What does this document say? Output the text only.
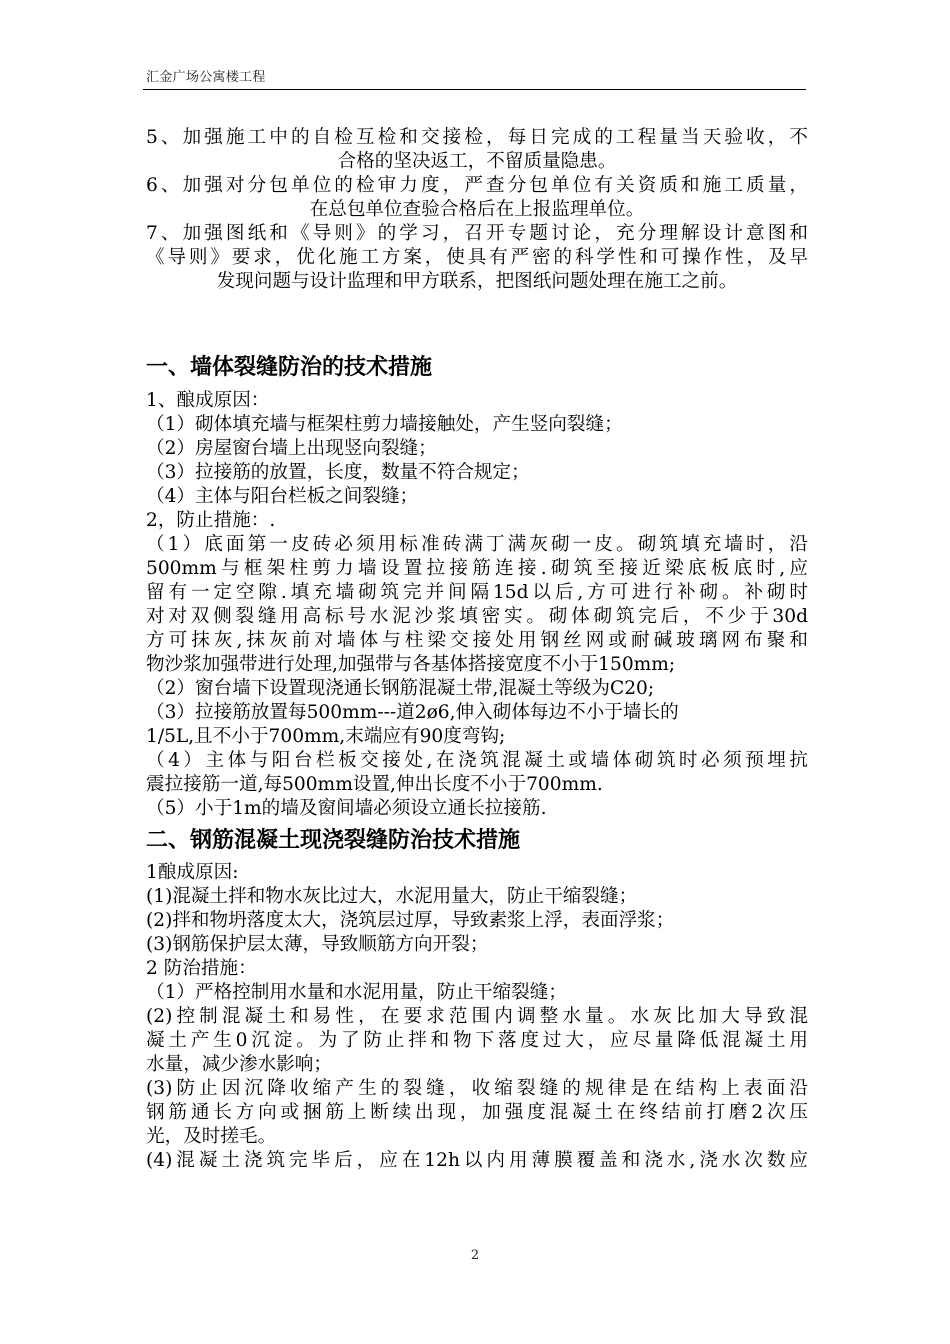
汇金广场公寓楼工程

5、加强施工中的自检互检和交接检，每日完成的工程量当天验收，不

合格的坚决返工，不留质量隐患。

6、加强对分包单位的检审力度，严查分包单位有关资质和施工质量，

在总包单位查验合格后在上报监理单位。

7、加强图纸和《导则》的学习，召开专题讨论，充分理解设计意图和

《导则》要求，优化施工方案，使具有严密的科学性和可操作性，及早

发现问题与设计监理和甲方联系，把图纸问题处理在施工之前。

一、墙体裂缝防治的技术措施

1、酿成原因：

（1）砌体填充墙与框架柱剪力墙接触处，产生竖向裂缝；

（2）房屋窗台墙上出现竖向裂缝；

（3）拉接筋的放置，长度，数量不符合规定；

（4）主体与阳台栏板之间裂缝；

2，防止措施：.

（1）底面第一皮砖必须用标准砖满丁满灰砌一皮。砌筑填充墙时，沿

500mm与框架柱剪力墙设置拉接筋连接.砌筑至接近梁底板底时,应

留有一定空隙.填充墙砌筑完并间隔15d以后,方可进行补砌。补砌时

对对双侧裂缝用高标号水泥沙浆填密实。砌体砌筑完后，不少于30d

方可抹灰,抹灰前对墙体与柱梁交接处用钢丝网或耐碱玻璃网布聚和

物沙浆加强带进行处理,加强带与各基体搭接宽度不小于150mm;

（2）窗台墙下设置现浇通长钢筋混凝土带,混凝土等级为C20;

（3）拉接筋放置每500mm---道2ø6,伸入砌体每边不小于墙长的

1/5L,且不小于700mm,末端应有90度弯钩;

（4）主体与阳台栏板交接处,在浇筑混凝土或墙体砌筑时必须预埋抗

震拉接筋一道,每500mm设置,伸出长度不小于700mm.

（5）小于1m的墙及窗间墙必须设立通长拉接筋.

二、钢筋混凝土现浇裂缝防治技术措施

1酿成原因:

(1)混凝土拌和物水灰比过大，水泥用量大，防止干缩裂缝；

(2)拌和物坍落度太大，浇筑层过厚，导致素浆上浮，表面浮浆；

(3)钢筋保护层太薄，导致顺筋方向开裂；

2 防治措施：

（1）严格控制用水量和水泥用量，防止干缩裂缝；

(2)控制混凝土和易性，在要求范围内调整水量。水灰比加大导致混

凝土产生0沉淀。为了防止拌和物下落度过大，应尽量降低混凝土用

水量，减少渗水影响；

(3)防止因沉降收缩产生的裂缝，收缩裂缝的规律是在结构上表面沿

钢筋通长方向或捆筋上断续出现，加强度混凝土在终结前打磨2次压

光，及时搓毛。

(4)混凝土浇筑完毕后，应在12h以内用薄膜覆盖和浇水,浇水次数应

2
